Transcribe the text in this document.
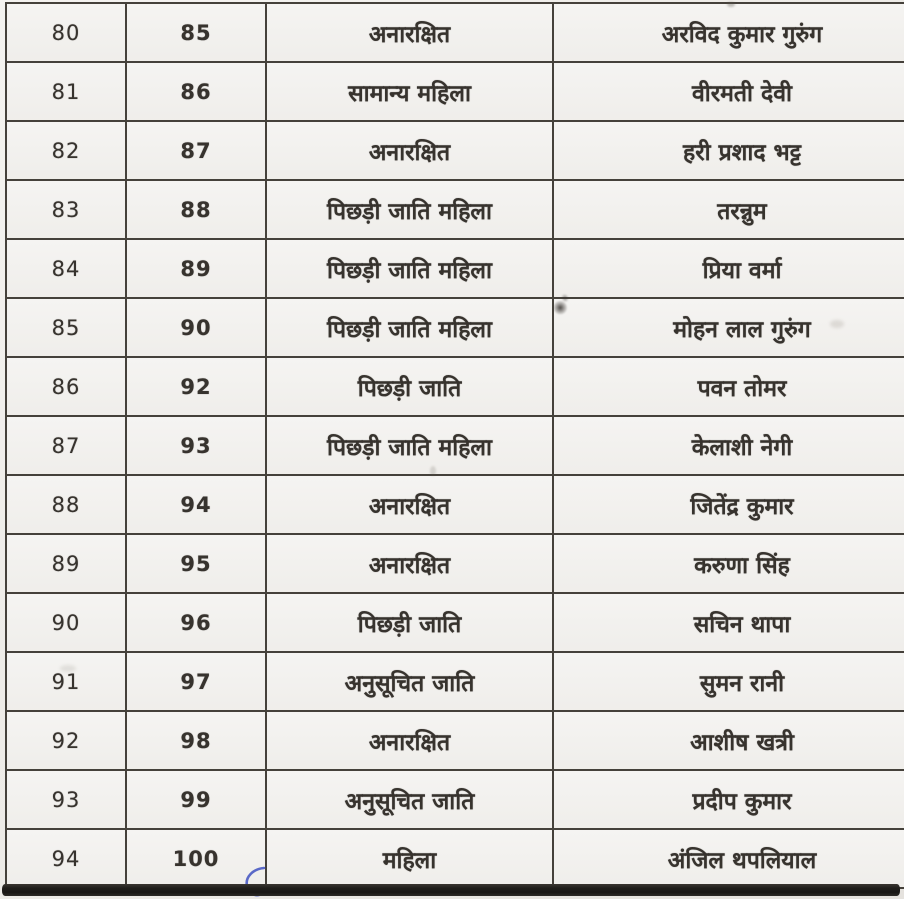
80	85	अनारक्षित	अरविद कुमार गुरुंग
81	86	सामान्य महिला	वीरमती देवी
82	87	अनारक्षित	हरी प्रशाद भट्ट
83	88	पिछड़ी जाति महिला	तरन्नुम
84	89	पिछड़ी जाति महिला	प्रिया वर्मा
85	90	पिछड़ी जाति महिला	मोहन लाल गुरुंग
86	92	पिछड़ी जाति	पवन तोमर
87	93	पिछड़ी जाति महिला	केलाशी नेगी
88	94	अनारक्षित	जितेंद्र कुमार
89	95	अनारक्षित	करुणा सिंह
90	96	पिछड़ी जाति	सचिन थापा
91	97	अनुसूचित जाति	सुमन रानी
92	98	अनारक्षित	आशीष खत्री
93	99	अनुसूचित जाति	प्रदीप कुमार
94	100	महिला	अंजिल थपलियाल
